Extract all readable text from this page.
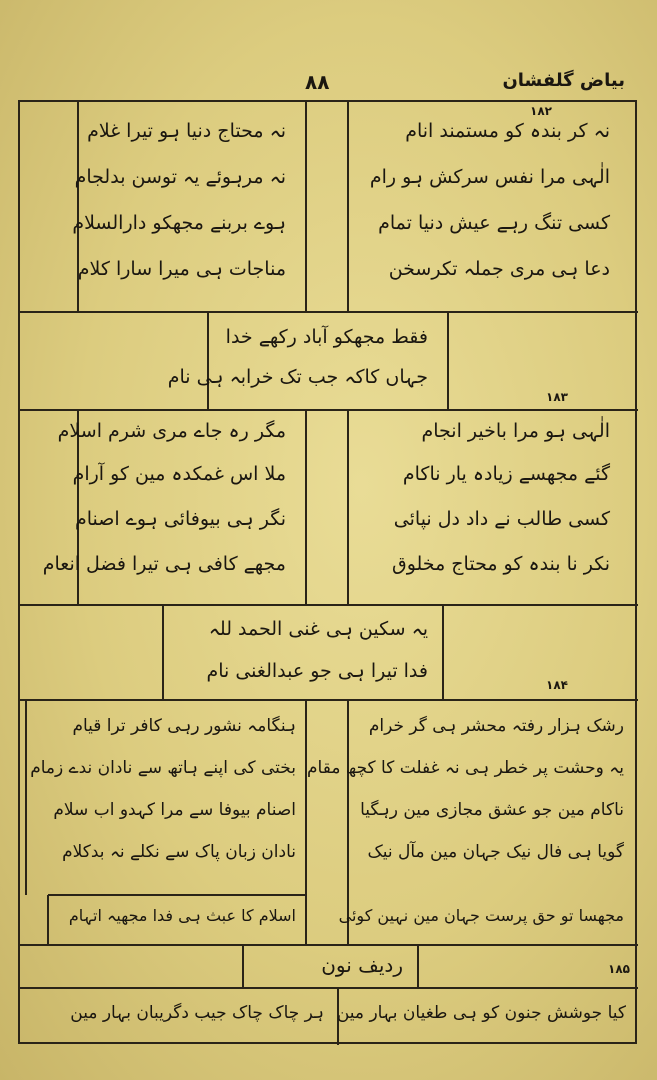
بیاض گلفشان
۸۸
۱۸۲
نہ کر بندہ کو مستمند انام
الٰہی مرا نفس سرکش ہو رام
کسی تنگ رہے عیش دنیا تمام
دعا ہی مری جملہ تکرسخن
نہ محتاج دنیا ہو تیرا غلام
نہ مرہوئے یہ توسن بدلجام
ہوے بربنے مجھکو دارالسلام
مناجات ہی میرا سارا کلام
فقط مجھکو آباد رکھے خدا
جہاں کاکہ جب تک خرابہ ہی نام
۱۸۳
الٰہی ہو مرا باخیر انجام
گئے مجھسے زیادہ یار ناکام
کسی طالب نے داد دل نپائی
نکر نا بندہ کو محتاج مخلوق
مگر رہ جاے مری شرم اسلام
ملا اس غمکدہ مین کو آرام
نگر ہی بیوفائی ہوے اصنام
مجھے کافی ہی تیرا فضل انعام
یہ سکین ہی غنی الحمد للہ
فدا تیرا ہی جو عبدالغنی نام
۱۸۴
رشک ہزار رفتہ محشر ہی گر خرام
یہ وحشت پر خطر ہی نہ غفلت کا کچھ مقام
ناکام مین جو عشق مجازی مین رہگیا
گویا ہی فال نیک جہان مین مآل نیک
ہنگامہ نشور رہی کافر ترا قیام
بختی کی اپنے ہاتھ سے نادان ندے زمام
اصنام بیوفا سے مرا کہدو اب سلام
نادان زبان پاک سے نکلے نہ بدکلام
مجھسا تو حق پرست جہان مین نہین کوئی
اسلام کا عبث ہی فدا مجھیہ اتہام
ردیف نون	۱۸۵
کیا جوشش جنون کو ہی طغیان بہار مین
ہر چاک چاک جیب دگریبان بہار مین
